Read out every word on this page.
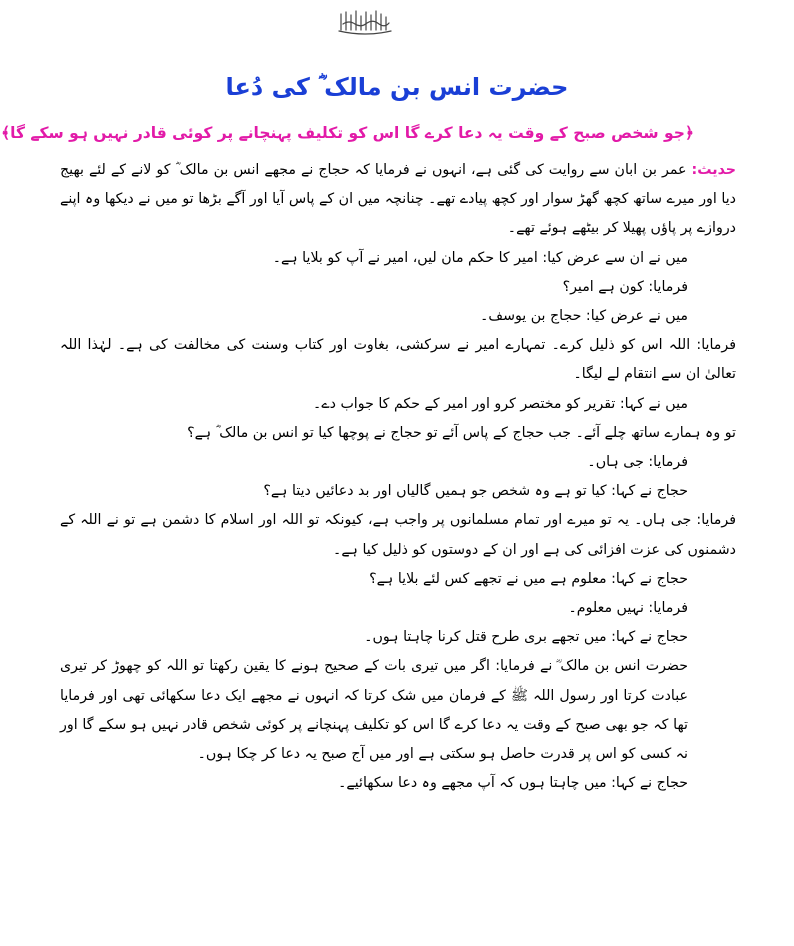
حضرت انس بن مالک ؓ کی دُعا
﴿جو شخص صبح کے وقت یہ دعا کرے گا اس کو تکلیف پہنچانے پر کوئی قادر نہیں ہو سکے گا﴾

حدیث: عمر بن ابان سے روایت کی گئی ہے، انہوں نے فرمایا کہ حجاج نے مجھے انس بن مالک ؓ کو لانے کے لئے بھیج دیا اور میرے ساتھ کچھ گھڑ سوار اور کچھ پیادے تھے۔ چنانچہ میں ان کے پاس آیا اور آگے بڑھا تو میں نے دیکھا وہ اپنے دروازے پر پاؤں پھیلا کر بیٹھے ہوئے تھے۔

میں نے ان سے عرض کیا: امیر کا حکم مان لیں، امیر نے آپ کو بلایا ہے۔

فرمایا: کون ہے امیر؟

میں نے عرض کیا: حجاج بن یوسف۔

فرمایا: اللہ اس کو ذلیل کرے۔ تمہارے امیر نے سرکشی، بغاوت اور کتاب وسنت کی مخالفت کی ہے۔ لہٰذا اللہ تعالیٰ ان سے انتقام لے لیگا۔

میں نے کہا: تقریر کو مختصر کرو اور امیر کے حکم کا جواب دے۔

تو وہ ہمارے ساتھ چلے آئے۔ جب حجاج کے پاس آئے تو حجاج نے پوچھا کیا تو انس بن مالک ؓ ہے؟

فرمایا: جی ہاں۔

حجاج نے کہا: کیا تو ہے وہ شخص جو ہمیں گالیاں اور بد دعائیں دیتا ہے؟

فرمایا: جی ہاں۔ یہ تو میرے اور تمام مسلمانوں پر واجب ہے، کیونکہ تو اللہ اور اسلام کا دشمن ہے تو نے اللہ کے دشمنوں کی عزت افزائی کی ہے اور ان کے دوستوں کو ذلیل کیا ہے۔

حجاج نے کہا: معلوم ہے میں نے تجھے کس لئے بلایا ہے؟

فرمایا: نہیں معلوم۔

حجاج نے کہا: میں تجھے بری طرح قتل کرنا چاہتا ہوں۔

حضرت انس بن مالک ؓ نے فرمایا: اگر میں تیری بات کے صحیح ہونے کا یقین رکھتا تو اللہ کو چھوڑ کر تیری عبادت کرتا اور رسول اللہ ﷺ کے فرمان میں شک کرتا کہ انہوں نے مجھے ایک دعا سکھائی تھی اور فرمایا تھا کہ جو بھی صبح کے وقت یہ دعا کرے گا اس کو تکلیف پہنچانے پر کوئی شخص قادر نہیں ہو سکے گا اور نہ کسی کو اس پر قدرت حاصل ہو سکتی ہے اور میں آج صبح یہ دعا کر چکا ہوں۔

حجاج نے کہا: میں چاہتا ہوں کہ آپ مجھے وہ دعا سکھائیے۔
